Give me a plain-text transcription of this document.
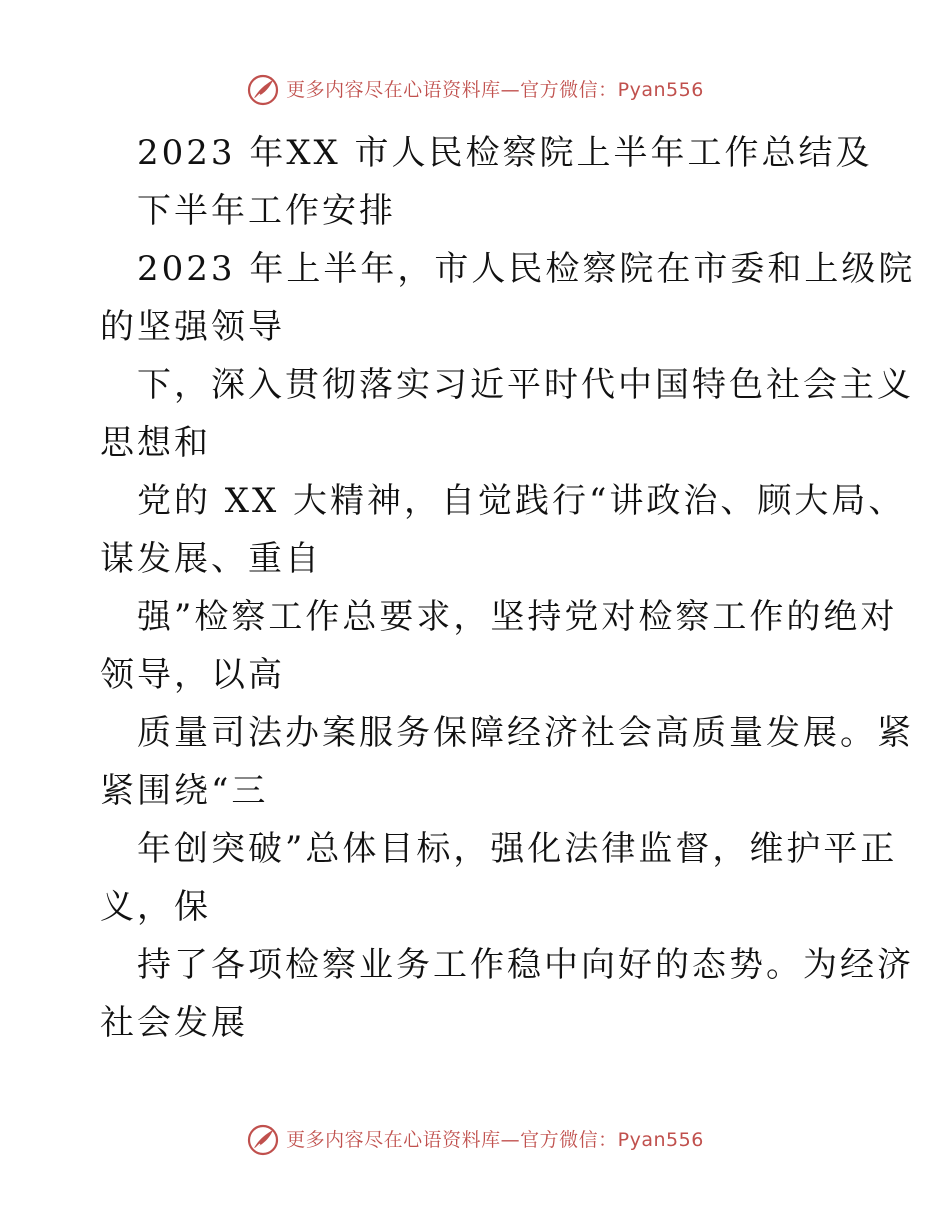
更多内容尽在心语资料库—官方微信：Pyan556
2023 年XX 市人民检察院上半年工作总结及
下半年工作安排
2023 年上半年，市人民检察院在市委和上级院
的坚强领导
下，深入贯彻落实习近平时代中国特色社会主义
思想和
党的 XX 大精神，自觉践行“讲政治、顾大局、
谋发展、重自
强”检察工作总要求，坚持党对检察工作的绝对
领导，以高
质量司法办案服务保障经济社会高质量发展。紧
紧围绕“三
年创突破”总体目标，强化法律监督，维护平正
义，保
持了各项检察业务工作稳中向好的态势。为经济
社会发展
更多内容尽在心语资料库—官方微信：Pyan556
